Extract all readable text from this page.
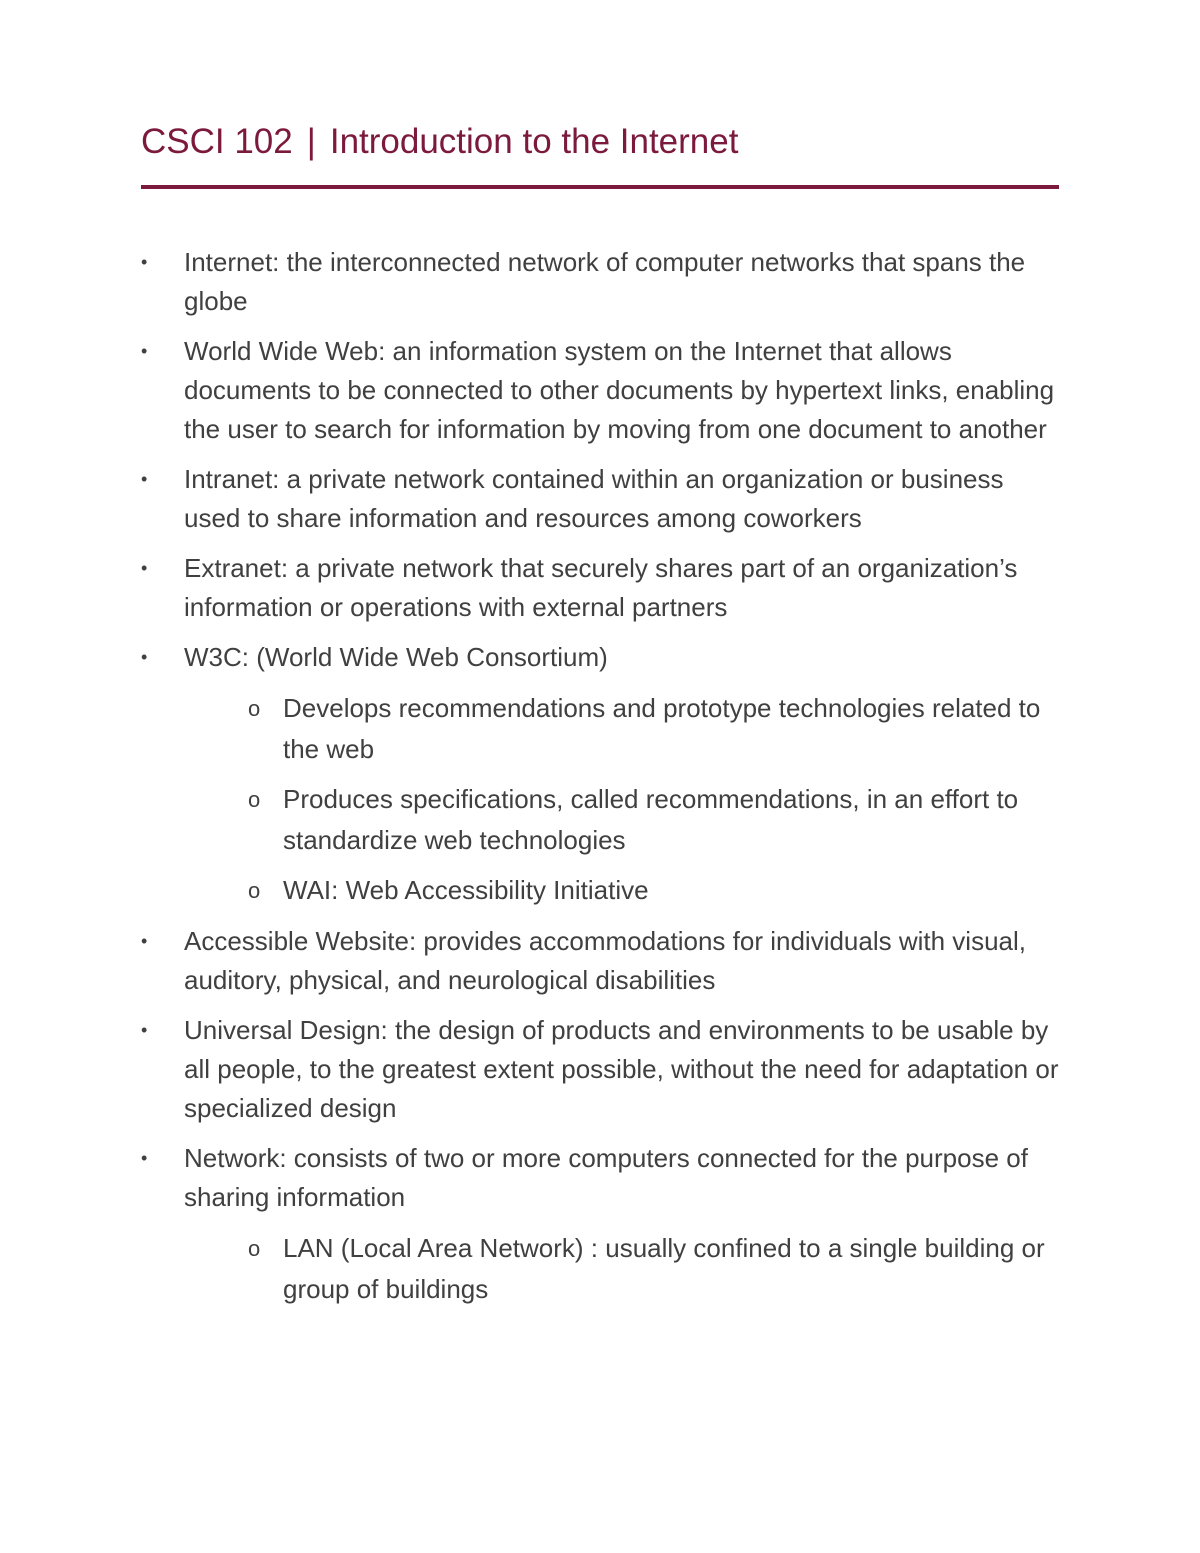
CSCI 102 | Introduction to the Internet
• Internet: the interconnected network of computer networks that spans the globe
• World Wide Web: an information system on the Internet that allows documents to be connected to other documents by hypertext links, enabling the user to search for information by moving from one document to another
• Intranet: a private network contained within an organization or business used to share information and resources among coworkers
• Extranet: a private network that securely shares part of an organization’s information or operations with external partners
• W3C: (World Wide Web Consortium)
o Develops recommendations and prototype technologies related to the web
o Produces specifications, called recommendations, in an effort to standardize web technologies
o WAI: Web Accessibility Initiative
• Accessible Website: provides accommodations for individuals with visual, auditory, physical, and neurological disabilities
• Universal Design: the design of products and environments to be usable by all people, to the greatest extent possible, without the need for adaptation or specialized design
• Network: consists of two or more computers connected for the purpose of sharing information
o LAN (Local Area Network) : usually confined to a single building or group of buildings
